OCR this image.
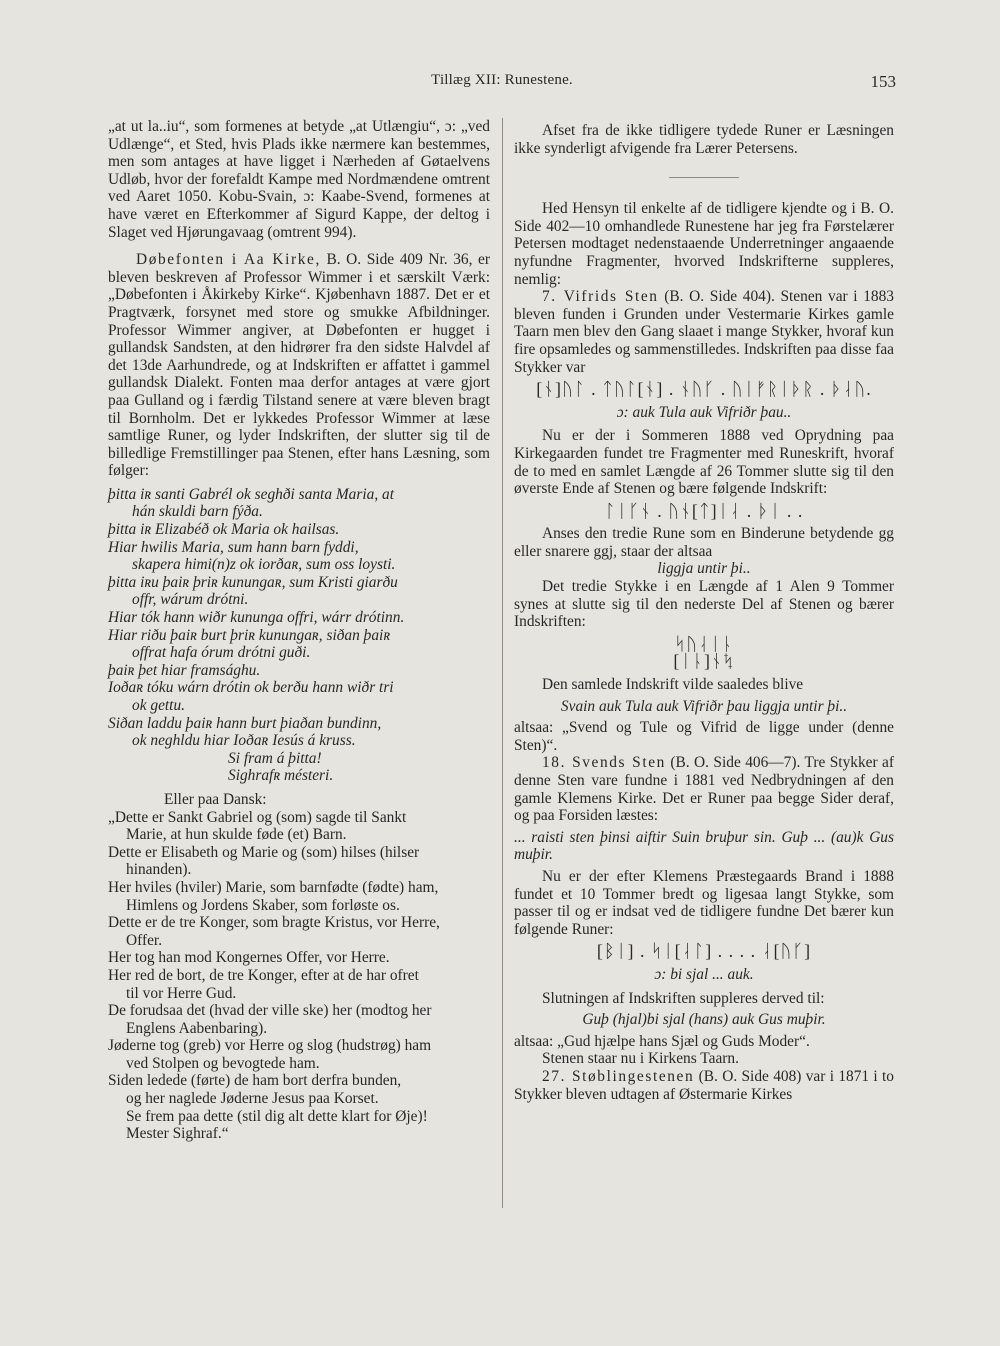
Tillæg XII: Runestene.	153

„at ut la..iu“, som formenes at betyde „at Utlængiu“, ɔ: „ved Udlænge“, et Sted, hvis Plads ikke nærmere kan bestemmes, men som antages at have ligget i Nærheden af Gøtaelvens Udløb, hvor der forefaldt Kampe med Nordmændene omtrent ved Aaret 1050. Kobu-Svain, ɔ: Kaabe-Svend, formenes at have været en Efterkommer af Sigurd Kappe, der deltog i Slaget ved Hjørungavaag (omtrent 994).

Døbefonten i Aa Kirke, B. O. Side 409 Nr. 36, er bleven beskreven af Professor Wimmer i et særskilt Værk: „Døbefonten i Åkirkeby Kirke“. Kjøbenhavn 1887. Det er et Pragtværk, forsynet med store og smukke Afbildninger. Professor Wimmer angiver, at Døbefonten er hugget i gullandsk Sandsten, at den hidrører fra den sidste Halvdel af det 13de Aarhundrede, og at Indskriften er affattet i gammel gullandsk Dialekt. Fonten maa derfor antages at være gjort paa Gulland og i færdig Tilstand senere at være bleven bragt til Bornholm. Det er lykkedes Professor Wimmer at læse samtlige Runer, og lyder Indskriften, der slutter sig til de billedlige Fremstillinger paa Stenen, efter hans Læsning, som følger:

þitta iʀ santi Gabrél ok seghði santa Maria, at
hán skuldi barn fýða.
þitta iʀ Elizabéð ok Maria ok hailsas.
Hiar hwilis Maria, sum hann barn fyddi,
skapera himi(n)z ok iorðaʀ, sum oss loysti.
þitta iʀu þaiʀ þriʀ kunungaʀ, sum Kristi giarðu
offr, wárum drótni.
Hiar tók hann wiðr kununga offri, wárr drótinn.
Hiar riðu þaiʀ burt þriʀ kunungaʀ, siðan þaiʀ
offrat hafa órum drótni guði.
þaiʀ þet hiar framsághu.
Ioðaʀ tóku wárn drótin ok berðu hann wiðr tri
ok gettu.
Siðan laddu þaiʀ hann burt þiaðan bundinn,
ok neghldu hiar Ioðaʀ Iesús á kruss.
Si fram á þitta!
Sighrafʀ mésteri.

Eller paa Dansk:

„Dette er Sankt Gabriel og (som) sagde til Sankt
Marie, at hun skulde føde (et) Barn.
Dette er Elisabeth og Marie og (som) hilses (hilser
hinanden).
Her hviles (hviler) Marie, som barnfødte (fødte) ham,
Himlens og Jordens Skaber, som forløste os.
Dette er de tre Konger, som bragte Kristus, vor Herre,
Offer.
Her tog han mod Kongernes Offer, vor Herre.
Her red de bort, de tre Konger, efter at de har ofret
til vor Herre Gud.
De forudsaa det (hvad der ville ske) her (modtog her
Englens Aabenbaring).
Jøderne tog (greb) vor Herre og slog (hudstrøg) ham
ved Stolpen og bevogtede ham.
Siden ledede (førte) de ham bort derfra bunden,
og her naglede Jøderne Jesus paa Korset.
Se frem paa dette (stil dig alt dette klart for Øje)!
Mester Sighraf.“

Afset fra de ikke tidligere tydede Runer er Læsningen ikke synderligt afvigende fra Lærer Petersens.

Hed Hensyn til enkelte af de tidligere kjendte og i B. O. Side 402—10 omhandlede Runestene har jeg fra Førstelærer Petersen modtaget nedenstaaende Underretninger angaaende nyfundne Fragmenter, hvorved Indskrifterne suppleres, nemlig:

7. Vifrids Sten (B. O. Side 404). Stenen var i 1883 bleven funden i Grunden under Vestermarie Kirkes gamle Taarn men blev den Gang slaaet i mange Stykker, hvoraf kun fire opsamledes og sammenstilledes. Indskriften paa disse faa Stykker var

[ᚾ]ᚢᛚ . ᛏᚢᛚ[ᚾ] . ᚾᚢᚴ . ᚢᛁᚠᚱᛁᚦᚱ . ᚦᛆᚢ.
ɔ: auk Tula auk Vifriðr þau..

Nu er der i Sommeren 1888 ved Oprydning paa Kirkegaarden fundet tre Fragmenter med Runeskrift, hvoraf de to med en samlet Længde af 26 Tommer slutte sig til den øverste Ende af Stenen og bære følgende Indskrift:

ᛚᛁᚴᚾ . ᚢᚾ[ᛏ]ᛁᛆ . ᚦᛁ . .

Anses den tredie Rune som en Binderune betydende gg eller snarere ggj, staar der altsaa

liggja untir þi..

Det tredie Stykke i en Længde af 1 Alen 9 Tommer synes at slutte sig til den nederste Del af Stenen og bærer Indskriften:

ᛋᚢᛆᛁᚿ
[ᛁᚿ]ᚾᛪ

Den samlede Indskrift vilde saaledes blive

Svain auk Tula auk Vifriðr þau liggja untir þi..

altsaa: „Svend og Tule og Vifrid de ligge under (denne Sten)“.

18. Svends Sten (B. O. Side 406—7). Tre Stykker af denne Sten vare fundne i 1881 ved Nedbrydningen af den gamle Klemens Kirke. Det er Runer paa begge Sider deraf, og paa Forsiden læstes:

... raisti sten þinsi aiftir Suin bruþur sin. Guþ ... (au)k Gus muþir.

Nu er der efter Klemens Præstegaards Brand i 1888 fundet et 10 Tommer bredt og ligesaa langt Stykke, som passer til og er indsat ved de tidligere fundne Det bærer kun følgende Runer:

[ᛒᛁ] . ᛋᛁ[ᛆᛚ] . . . . ᛆ[ᚢᚴ]
ɔ: bi sjal ... auk.

Slutningen af Indskriften suppleres derved til:

Guþ (hjal)bi sjal (hans) auk Gus muþir.

altsaa: „Gud hjælpe hans Sjæl og Guds Moder“.

Stenen staar nu i Kirkens Taarn.

27. Støblingestenen (B. O. Side 408) var i 1871 i to Stykker bleven udtagen af Østermarie Kirkes
